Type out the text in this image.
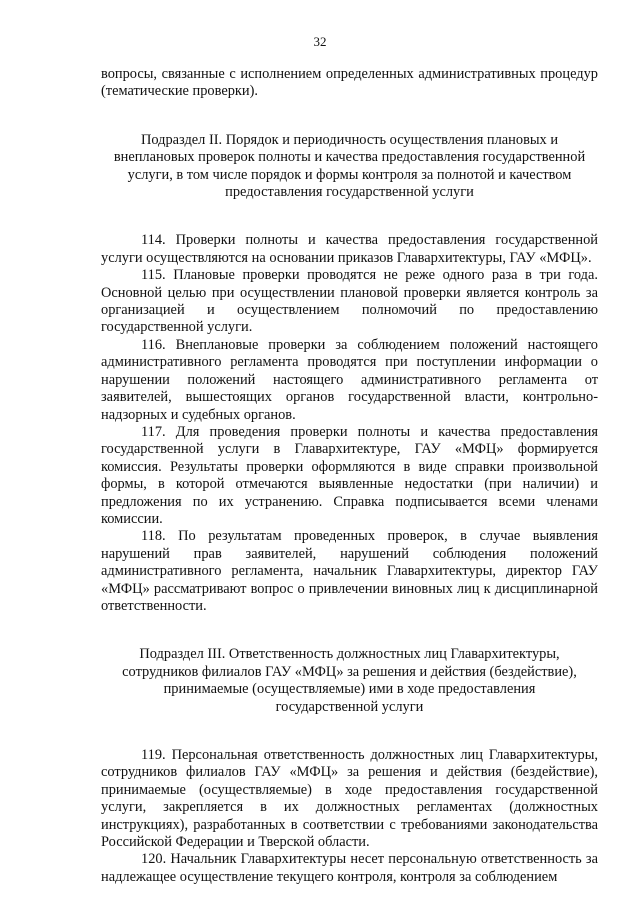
32

вопросы, связанные с исполнением определенных административных процедур (тематические проверки).

Подраздел II. Порядок и периодичность осуществления плановых и внеплановых проверок полноты и качества предоставления государственной услуги, в том числе порядок и формы контроля за полнотой и качеством предоставления государственной услуги

114. Проверки полноты и качества предоставления государственной услуги осуществляются на основании приказов Главархитектуры, ГАУ «МФЦ».

115. Плановые проверки проводятся не реже одного раза в три года. Основной целью при осуществлении плановой проверки является контроль за организацией и осуществлением полномочий по предоставлению государственной услуги.

116. Внеплановые проверки за соблюдением положений настоящего административного регламента проводятся при поступлении информации о нарушении положений настоящего административного регламента от заявителей, вышестоящих органов государственной власти, контрольно-надзорных и судебных органов.

117. Для проведения проверки полноты и качества предоставления государственной услуги в Главархитектуре, ГАУ «МФЦ» формируется комиссия. Результаты проверки оформляются в виде справки произвольной формы, в которой отмечаются выявленные недостатки (при наличии) и предложения по их устранению. Справка подписывается всеми членами комиссии.

118. По результатам проведенных проверок, в случае выявления нарушений прав заявителей, нарушений соблюдения положений административного регламента, начальник Главархитектуры, директор ГАУ «МФЦ» рассматривают вопрос о привлечении виновных лиц к дисциплинарной ответственности.

Подраздел III. Ответственность должностных лиц Главархитектуры, сотрудников филиалов ГАУ «МФЦ» за решения и действия (бездействие), принимаемые (осуществляемые) ими в ходе предоставления государственной услуги

119. Персональная ответственность должностных лиц Главархитектуры, сотрудников филиалов ГАУ «МФЦ» за решения и действия (бездействие), принимаемые (осуществляемые) в ходе предоставления государственной услуги, закрепляется в их должностных регламентах (должностных инструкциях), разработанных в соответствии с требованиями законодательства Российской Федерации и Тверской области.

120. Начальник Главархитектуры несет персональную ответственность за надлежащее осуществление текущего контроля, контроля за соблюдением
